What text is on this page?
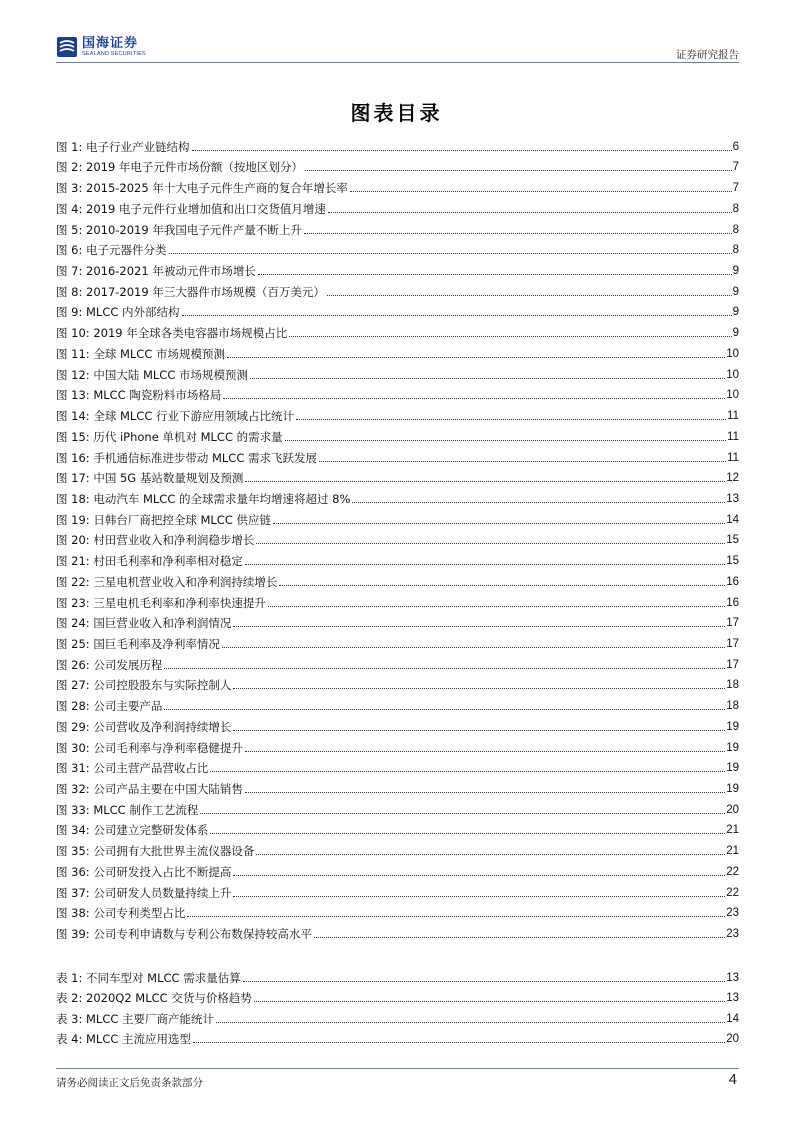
国海证券
SEALAND SECURITIES	证券研究报告
图表目录
图 1: 电子行业产业链结构	6
图 2: 2019 年电子元件市场份额（按地区划分）	7
图 3: 2015-2025 年十大电子元件生产商的复合年增长率	7
图 4: 2019 电子元件行业增加值和出口交货值月增速	8
图 5: 2010-2019 年我国电子元件产量不断上升	8
图 6: 电子元器件分类	8
图 7: 2016-2021 年被动元件市场增长	9
图 8: 2017-2019 年三大器件市场规模（百万美元）	9
图 9: MLCC 内外部结构	9
图 10: 2019 年全球各类电容器市场规模占比	9
图 11: 全球 MLCC 市场规模预测	10
图 12: 中国大陆 MLCC 市场规模预测	10
图 13: MLCC 陶瓷粉料市场格局	10
图 14: 全球 MLCC 行业下游应用领域占比统计	11
图 15: 历代 iPhone 单机对 MLCC 的需求量	11
图 16: 手机通信标准进步带动 MLCC 需求飞跃发展	11
图 17: 中国 5G 基站数量规划及预测	12
图 18: 电动汽车 MLCC 的全球需求量年均增速将超过 8%	13
图 19: 日韩台厂商把控全球 MLCC 供应链	14
图 20: 村田营业收入和净利润稳步增长	15
图 21: 村田毛利率和净利率相对稳定	15
图 22: 三星电机营业收入和净利润持续增长	16
图 23: 三星电机毛利率和净利率快速提升	16
图 24: 国巨营业收入和净利润情况	17
图 25: 国巨毛利率及净利率情况	17
图 26: 公司发展历程	17
图 27: 公司控股股东与实际控制人	18
图 28: 公司主要产品	18
图 29: 公司营收及净利润持续增长	19
图 30: 公司毛利率与净利率稳健提升	19
图 31: 公司主营产品营收占比	19
图 32: 公司产品主要在中国大陆销售	19
图 33: MLCC 制作工艺流程	20
图 34: 公司建立完整研发体系	21
图 35: 公司拥有大批世界主流仪器设备	21
图 36: 公司研发投入占比不断提高	22
图 37: 公司研发人员数量持续上升	22
图 38: 公司专利类型占比	23
图 39: 公司专利申请数与专利公布数保持较高水平	23
表 1: 不同车型对 MLCC 需求量估算	13
表 2: 2020Q2 MLCC 交货与价格趋势	13
表 3: MLCC 主要厂商产能统计	14
表 4: MLCC 主流应用选型	20
请务必阅读正文后免责条款部分	4
